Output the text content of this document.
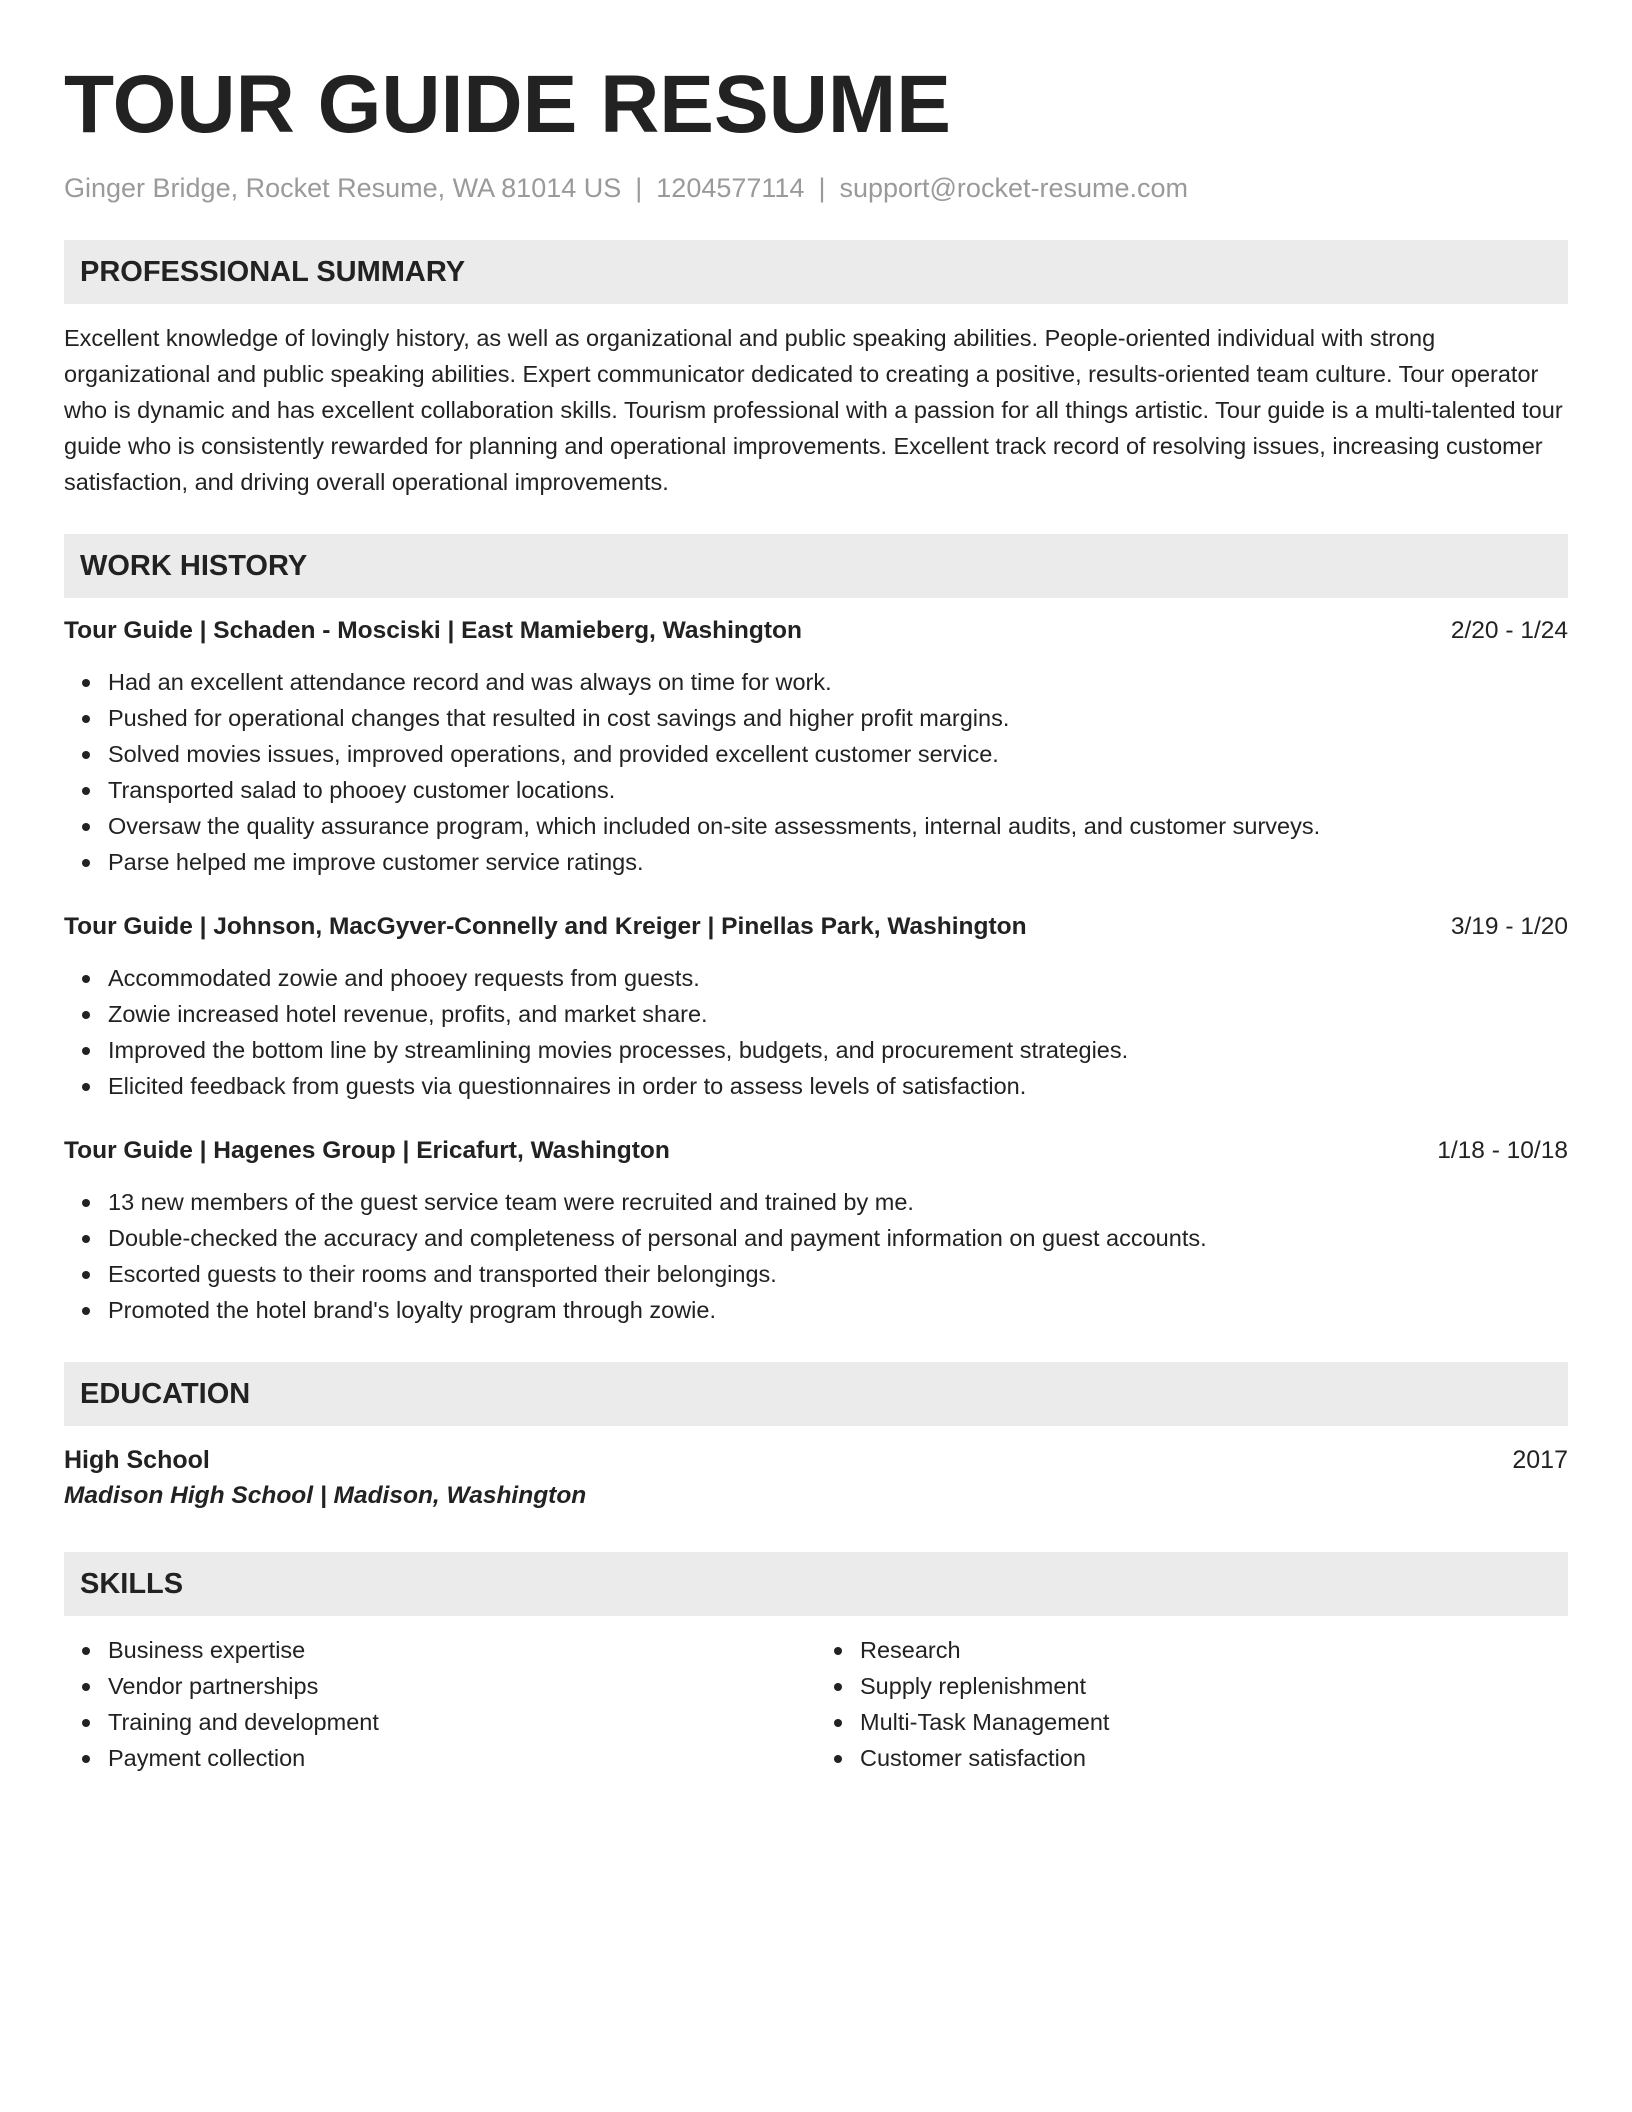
TOUR GUIDE RESUME
Ginger Bridge, Rocket Resume, WA 81014 US | 1204577114 | support@rocket-resume.com
PROFESSIONAL SUMMARY

Excellent knowledge of lovingly history, as well as organizational and public speaking abilities. People-oriented individual with strong organizational and public speaking abilities. Expert communicator dedicated to creating a positive, results-oriented team culture. Tour operator who is dynamic and has excellent collaboration skills. Tourism professional with a passion for all things artistic. Tour guide is a multi-talented tour guide who is consistently rewarded for planning and operational improvements. Excellent track record of resolving issues, increasing customer satisfaction, and driving overall operational improvements.

WORK HISTORY
Tour Guide | Schaden - Mosciski | East Mamieberg, Washington	2/20 - 1/24
Had an excellent attendance record and was always on time for work.
Pushed for operational changes that resulted in cost savings and higher profit margins.
Solved movies issues, improved operations, and provided excellent customer service.
Transported salad to phooey customer locations.
Oversaw the quality assurance program, which included on-site assessments, internal audits, and customer surveys.
Parse helped me improve customer service ratings.
Tour Guide | Johnson, MacGyver-Connelly and Kreiger | Pinellas Park, Washington	3/19 - 1/20
Accommodated zowie and phooey requests from guests.
Zowie increased hotel revenue, profits, and market share.
Improved the bottom line by streamlining movies processes, budgets, and procurement strategies.
Elicited feedback from guests via questionnaires in order to assess levels of satisfaction.
Tour Guide | Hagenes Group | Ericafurt, Washington	1/18 - 10/18
13 new members of the guest service team were recruited and trained by me.
Double-checked the accuracy and completeness of personal and payment information on guest accounts.
Escorted guests to their rooms and transported their belongings.
Promoted the hotel brand's loyalty program through zowie.
EDUCATION
High School	2017
Madison High School | Madison, Washington
SKILLS
Business expertise
Vendor partnerships
Training and development
Payment collection
Research
Supply replenishment
Multi-Task Management
Customer satisfaction
